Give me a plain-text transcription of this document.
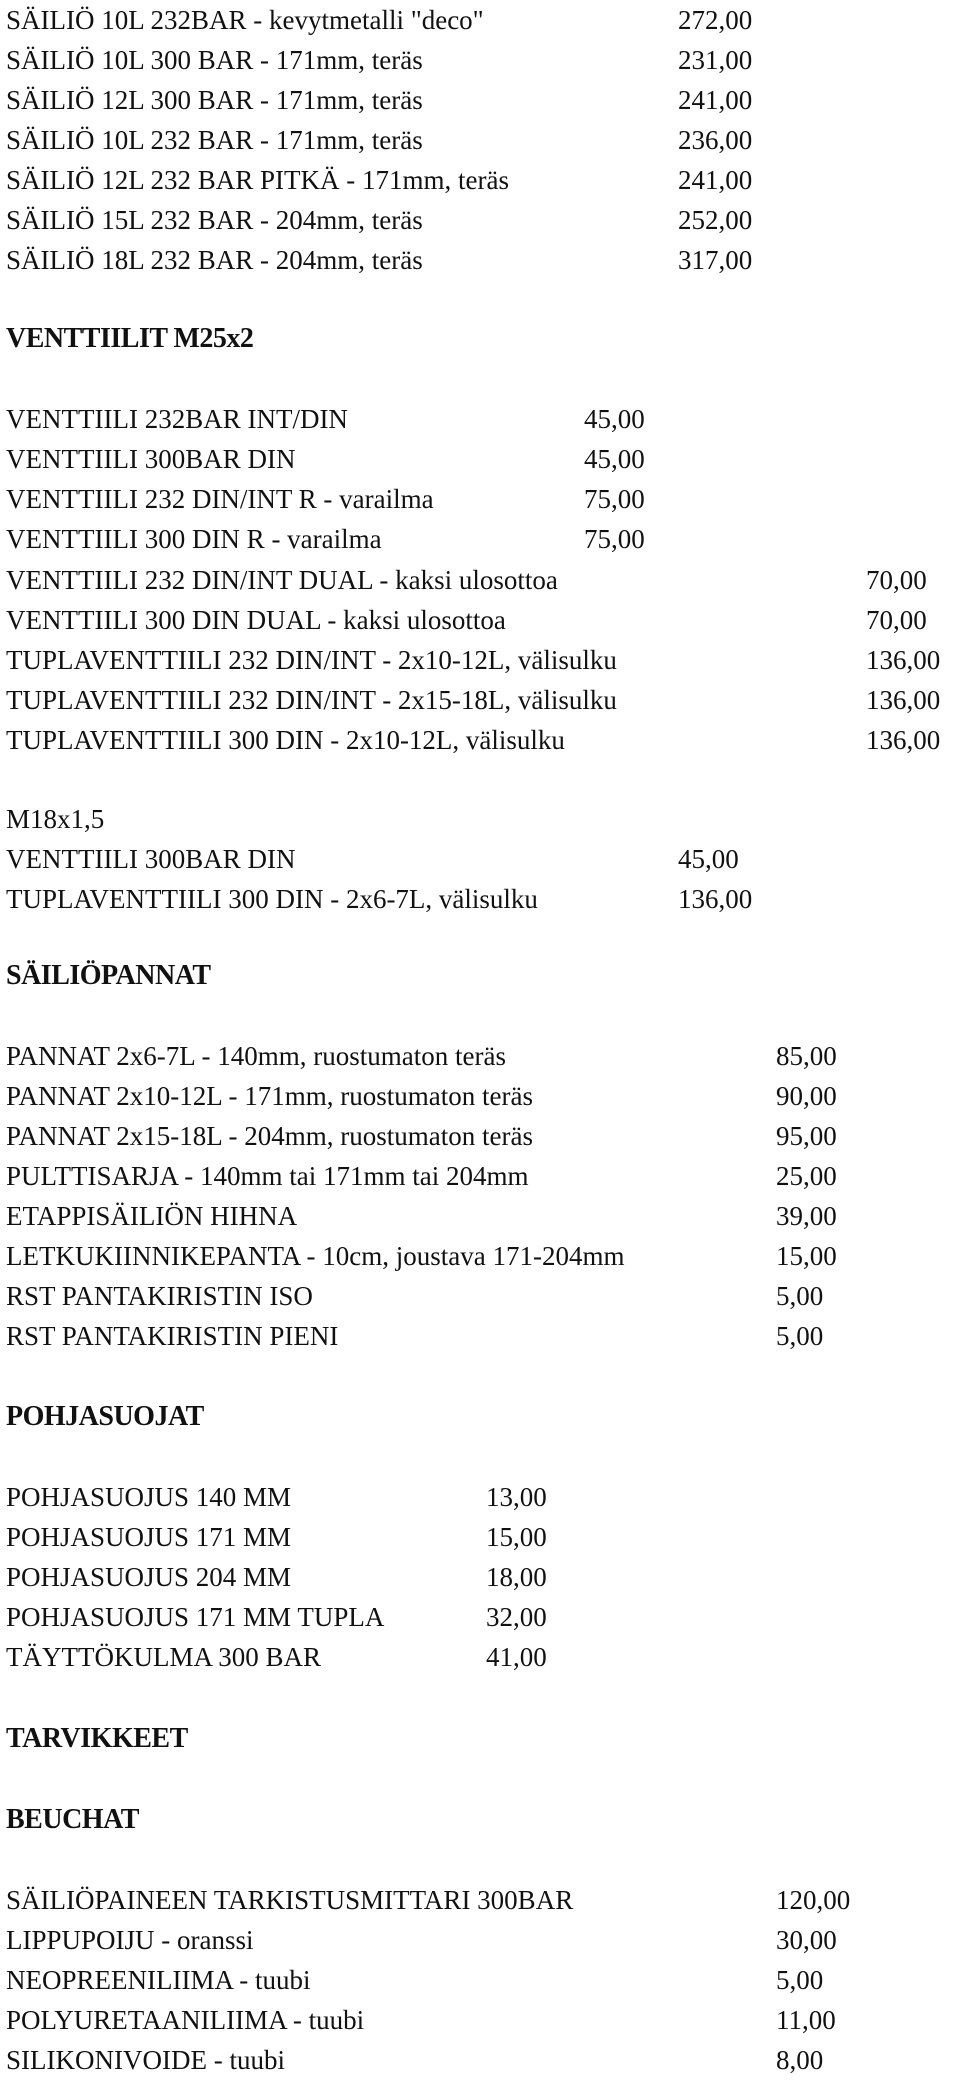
SÄILIÖ 10L 232BAR - kevytmetalli "deco"	272,00
SÄILIÖ 10L 300 BAR - 171mm, teräs	231,00
SÄILIÖ 12L 300 BAR - 171mm, teräs	241,00
SÄILIÖ 10L 232 BAR - 171mm, teräs	236,00
SÄILIÖ 12L 232 BAR PITKÄ - 171mm, teräs	241,00
SÄILIÖ 15L 232 BAR - 204mm, teräs	252,00
SÄILIÖ 18L 232 BAR - 204mm, teräs	317,00
VENTTIILIT M25x2
VENTTIILI 232BAR INT/DIN	45,00
VENTTIILI 300BAR DIN	45,00
VENTTIILI 232 DIN/INT R - varailma	75,00
VENTTIILI 300 DIN R - varailma	75,00
VENTTIILI 232 DIN/INT DUAL - kaksi ulosottoa	70,00
VENTTIILI 300 DIN DUAL - kaksi ulosottoa	70,00
TUPLAVENTTIILI 232 DIN/INT - 2x10-12L, välisulku	136,00
TUPLAVENTTIILI 232 DIN/INT - 2x15-18L, välisulku	136,00
TUPLAVENTTIILI 300 DIN - 2x10-12L, välisulku	136,00
M18x1,5
VENTTIILI 300BAR DIN	45,00
TUPLAVENTTIILI 300 DIN - 2x6-7L, välisulku	136,00
SÄILIÖPANNAT
PANNAT 2x6-7L - 140mm, ruostumaton teräs	85,00
PANNAT 2x10-12L - 171mm, ruostumaton teräs	90,00
PANNAT 2x15-18L - 204mm, ruostumaton teräs	95,00
PULTTISARJA - 140mm tai 171mm tai 204mm	25,00
ETAPPISÄILIÖN HIHNA	39,00
LETKUKIINNIKEPANTA - 10cm, joustava 171-204mm	15,00
RST PANTAKIRISTIN ISO	5,00
RST PANTAKIRISTIN PIENI	5,00
POHJASUOJAT
POHJASUOJUS 140 MM	13,00
POHJASUOJUS 171 MM	15,00
POHJASUOJUS 204 MM	18,00
POHJASUOJUS 171 MM TUPLA	32,00
TÄYTTÖKULMA 300 BAR	41,00
TARVIKKEET
BEUCHAT
SÄILIÖPAINEEN TARKISTUSMITTARI 300BAR	120,00
LIPPUPOIJU - oranssi	30,00
NEOPREENILIIMA - tuubi	5,00
POLYURETAANILIIMA - tuubi	11,00
SILIKONIVOIDE - tuubi	8,00
